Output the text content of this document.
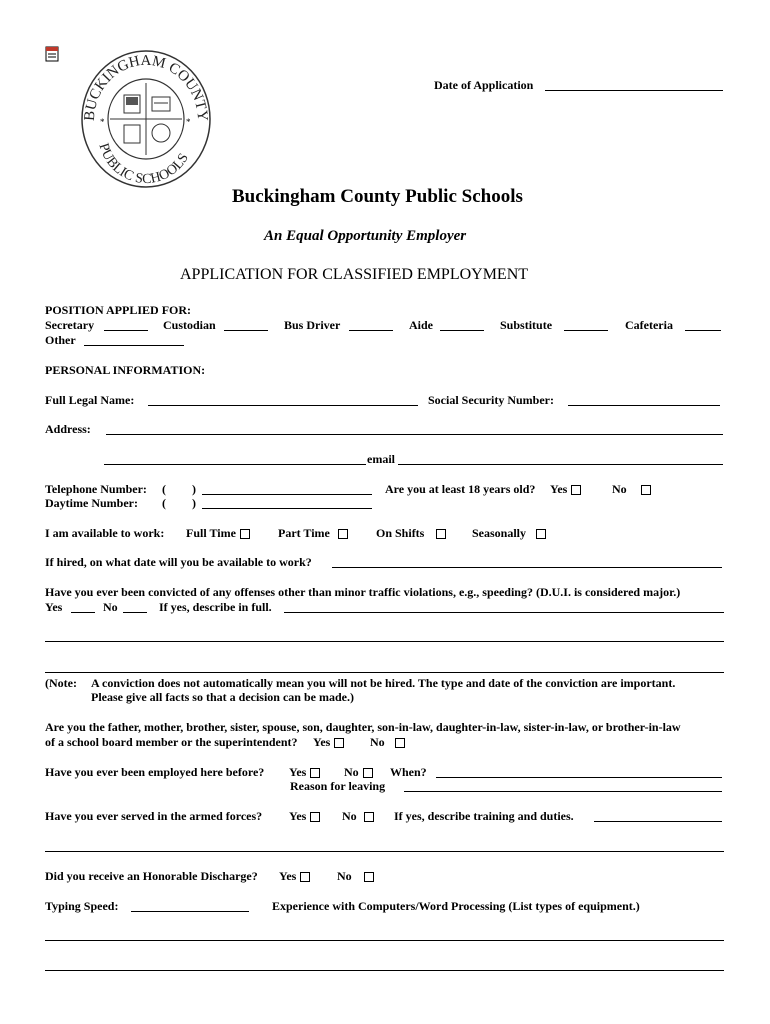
BUCKINGHAM COUNTY
PUBLIC SCHOOLS
*	*
Date of Application
Buckingham County Public Schools
An Equal Opportunity Employer
APPLICATION FOR CLASSIFIED EMPLOYMENT
POSITION APPLIED FOR:
Secretary	Custodian	Bus Driver	Aide	Substitute	Cafeteria
Other
PERSONAL INFORMATION:
Full Legal Name:	Social Security Number:
Address:
email
Telephone Number: ( )
Daytime Number: ( )
Are you at least 18 years old? Yes	No
I am available to work: Full Time	Part Time	On Shifts	Seasonally
If hired, on what date will you be available to work?
Have you ever been convicted of any offenses other than minor traffic violations, e.g., speeding? (D.U.I. is considered major.)
Yes	No	If yes, describe in full.
(Note: A conviction does not automatically mean you will not be hired. The type and date of the conviction are important.
Please give all facts so that a decision can be made.)
Are you the father, mother, brother, sister, spouse, son, daughter, son-in-law, daughter-in-law, sister-in-law, or brother-in-law
of a school board member or the superintendent? Yes	No
Have you ever been employed here before? Yes	No	When?
Reason for leaving
Have you ever served in the armed forces? Yes	No	If yes, describe training and duties.
Did you receive an Honorable Discharge? Yes	No
Typing Speed:	Experience with Computers/Word Processing (List types of equipment.)
